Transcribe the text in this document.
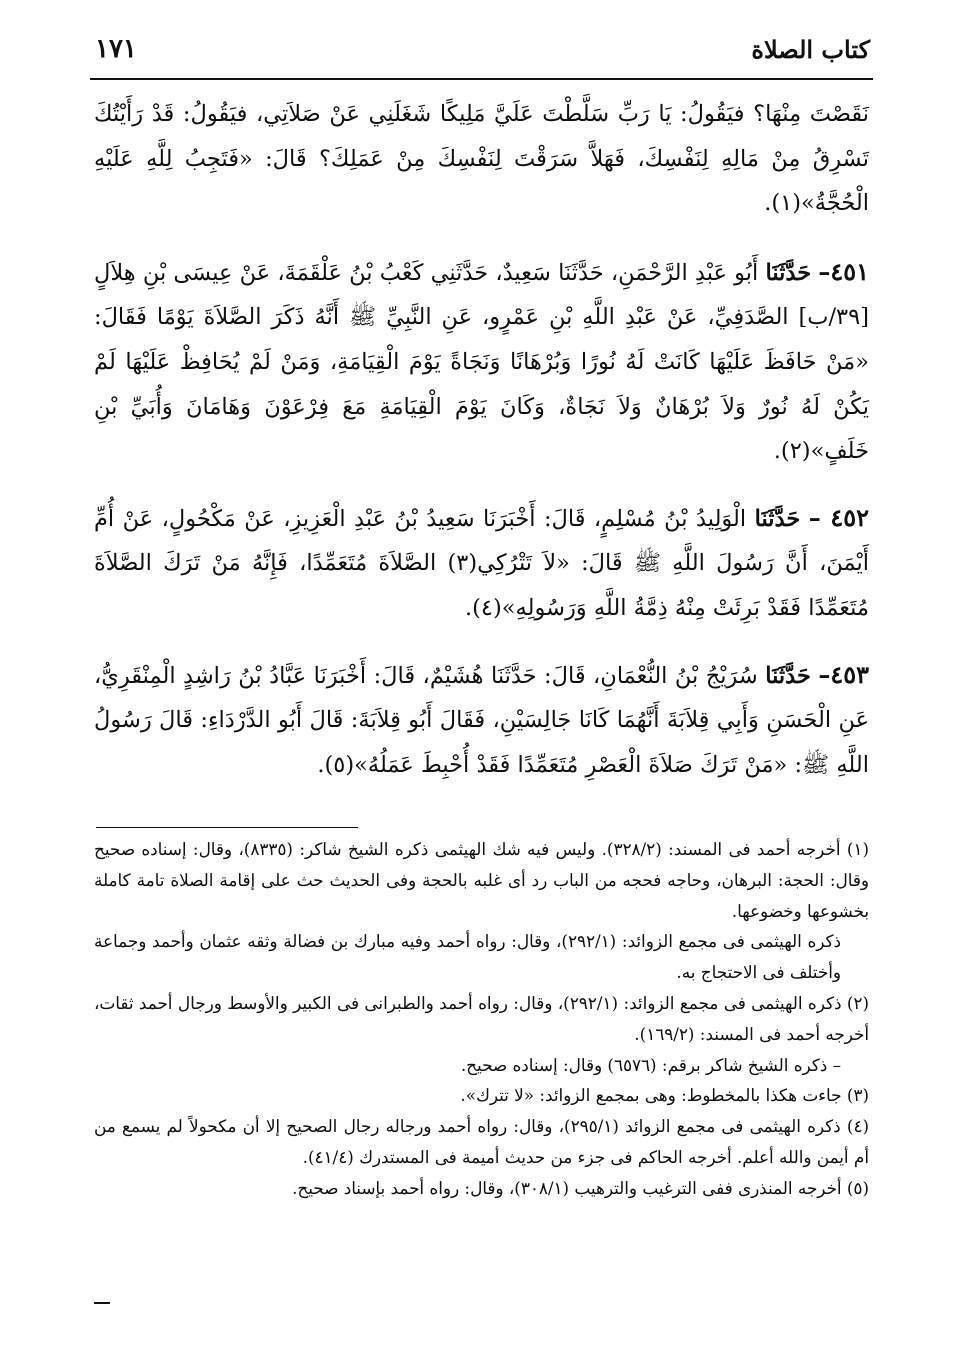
كتاب الصلاة
١٧١

نَقَصْتَ مِنْهَا؟ فيَقُولُ: يَا رَبِّ سَلَّطْتَ عَلَيَّ مَلِيكًا شَغَلَنِي عَنْ صَلاَتِي، فيَقُولُ: قَدْ رَأَيْتُكَ تَسْرِقُ مِنْ مَالِهِ لِنَفْسِكَ، فَهَلاَّ سَرَقْتَ لِنَفْسِكَ مِنْ عَمَلِكَ؟ قَالَ: «فَتَجِبُ لِلَّهِ عَلَيْهِ الْحُجَّةُ»(١).

٤٥١– حَدَّثَنَا أَبُو عَبْدِ الرَّحْمَنِ، حَدَّثَنَا سَعِيدٌ، حَدَّثَنِي كَعْبُ بْنُ عَلْقَمَةَ، عَنْ عِيسَى بْنِ هِلاَلٍ [٣٩/ب] الصَّدَفِيِّ، عَنْ عَبْدِ اللَّهِ بْنِ عَمْرٍو، عَنِ النَّبِيِّ ﷺ أَنَّهُ ذَكَرَ الصَّلاَةَ يَوْمًا فَقَالَ: «مَنْ حَافَظَ عَلَيْهَا كَانَتْ لَهُ نُورًا وَبُرْهَانًا وَنَجَاةً يَوْمَ الْقِيَامَةِ، وَمَنْ لَمْ يُحَافِظْ عَلَيْهَا لَمْ يَكُنْ لَهُ نُورٌ وَلاَ بُرْهَانٌ وَلاَ نَجَاةٌ، وَكَانَ يَوْمَ الْقِيَامَةِ مَعَ فِرْعَوْنَ وَهَامَانَ وَأُبَيِّ بْنِ خَلَفٍ»(٢).

٤٥٢ – حَدَّثَنَا الْوَلِيدُ بْنُ مُسْلِمٍ، قَالَ: أَخْبَرَنَا سَعِيدُ بْنُ عَبْدِ الْعَزِيزِ، عَنْ مَكْحُولٍ، عَنْ أُمِّ أَيْمَنَ، أَنَّ رَسُولَ اللَّهِ ﷺ قَالَ: «لاَ تَتْرُكِي(٣) الصَّلاَةَ مُتَعَمِّدًا، فَإِنَّهُ مَنْ تَرَكَ الصَّلاَةَ مُتَعَمِّدًا فَقَدْ بَرِئَتْ مِنْهُ ذِمَّةُ اللَّهِ وَرَسُولِهِ»(٤).

٤٥٣– حَدَّثَنَا سُرَيْجُ بْنُ النُّعْمَانِ، قَالَ: حَدَّثَنَا هُشَيْمٌ، قَالَ: أَخْبَرَنَا عَبَّادُ بْنُ رَاشِدٍ الْمِنْقَرِيُّ، عَنِ الْحَسَنِ وَأَبِي قِلاَبَةَ أَنَّهُمَا كَانَا جَالِسَيْنِ، فَقَالَ أَبُو قِلاَبَةَ: قَالَ أَبُو الدَّرْدَاءِ: قَالَ رَسُولُ اللَّهِ ﷺ: «مَنْ تَرَكَ صَلاَةَ الْعَصْرِ مُتَعَمِّدًا فَقَدْ أُحْبِطَ عَمَلُهُ»(٥).

(١) أخرجه أحمد فى المسند: (٣٢٨/٢). وليس فيه شك الهيثمى ذكره الشيخ شاكر: (٨٣٣٥)، وقال: إسناده صحيح وقال: الحجة: البرهان، وحاجه فحجه من الباب رد أى غلبه بالحجة وفى الحديث حث على إقامة الصلاة تامة كاملة بخشوعها وخضوعها.

ذكره الهيثمى فى مجمع الزوائد: (٢٩٢/١)، وقال: رواه أحمد وفيه مبارك بن فضالة وثقه عثمان وأحمد وجماعة وأختلف فى الاحتجاج به.

(٢) ذكره الهيثمى فى مجمع الزوائد: (٢٩٢/١)، وقال: رواه أحمد والطبرانى فى الكبير والأوسط ورجال أحمد ثقات، أخرجه أحمد فى المسند: (١٦٩/٢).

– ذكره الشيخ شاكر برقم: (٦٥٧٦) وقال: إسناده صحيح.

(٣) جاءت هكذا بالمخطوط: وهى بمجمع الزوائد: «لا تترك».

(٤) ذكره الهيثمى فى مجمع الزوائد (٢٩٥/١)، وقال: رواه أحمد ورجاله رجال الصحيح إلا أن مكحولاً لم يسمع من أم أيمن والله أعلم. أخرجه الحاكم فى جزء من حديث أميمة فى المستدرك (٤١/٤).

(٥) أخرجه المنذرى ففى الترغيب والترهيب (٣٠٨/١)، وقال: رواه أحمد بإسناد صحيح.
